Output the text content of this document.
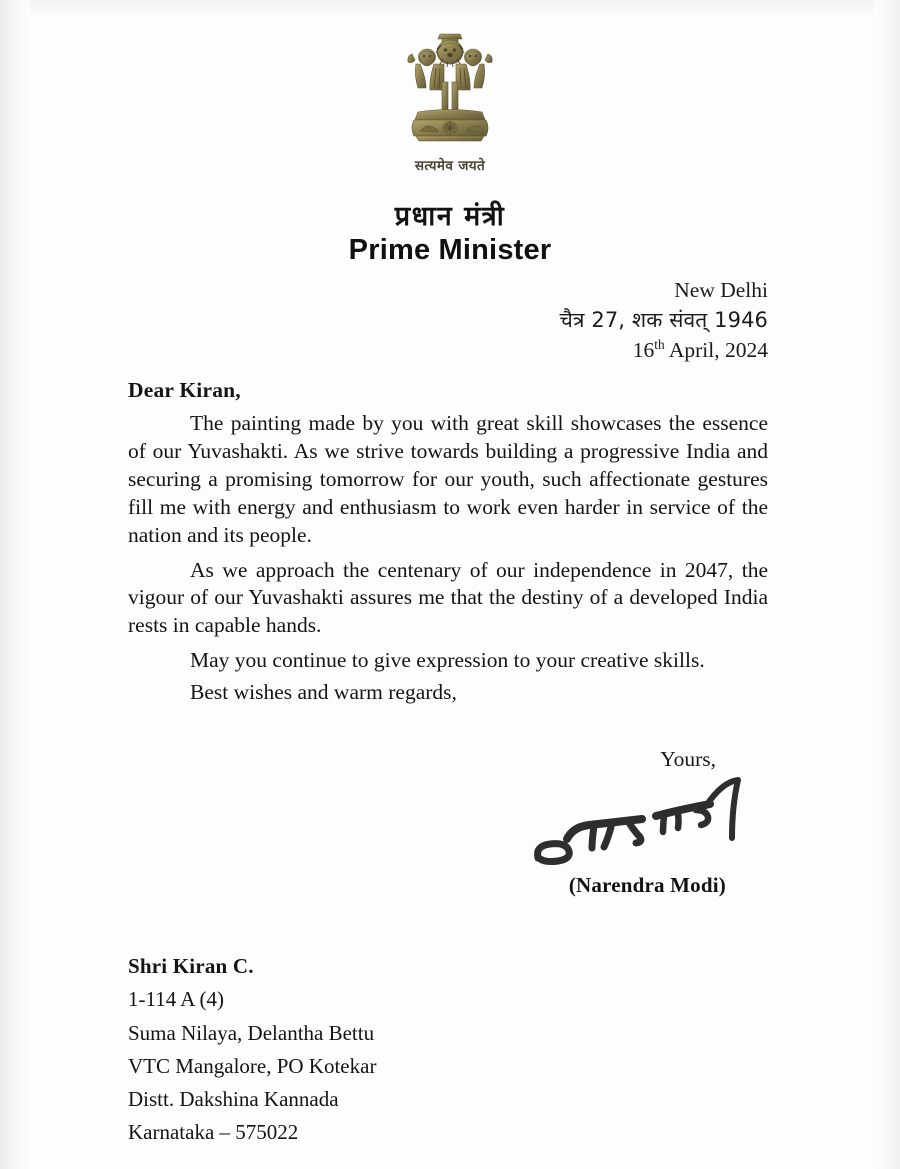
सत्यमेव जयते
प्रधान मंत्री
Prime Minister
New Delhi
चैत्र 27, शक संवत् 1946
16th April, 2024
Dear Kiran,

The painting made by you with great skill showcases the essence of our Yuvashakti. As we strive towards building a progressive India and securing a promising tomorrow for our youth, such affectionate gestures fill me with energy and enthusiasm to work even harder in service of the nation and its people.

As we approach the centenary of our independence in 2047, the vigour of our Yuvashakti assures me that the destiny of a developed India rests in capable hands.

May you continue to give expression to your creative skills.

Best wishes and warm regards,

Yours,
(Narendra Modi)
Shri Kiran C.
1-114 A (4)
Suma Nilaya, Delantha Bettu
VTC Mangalore, PO Kotekar
Distt. Dakshina Kannada
Karnataka – 575022
